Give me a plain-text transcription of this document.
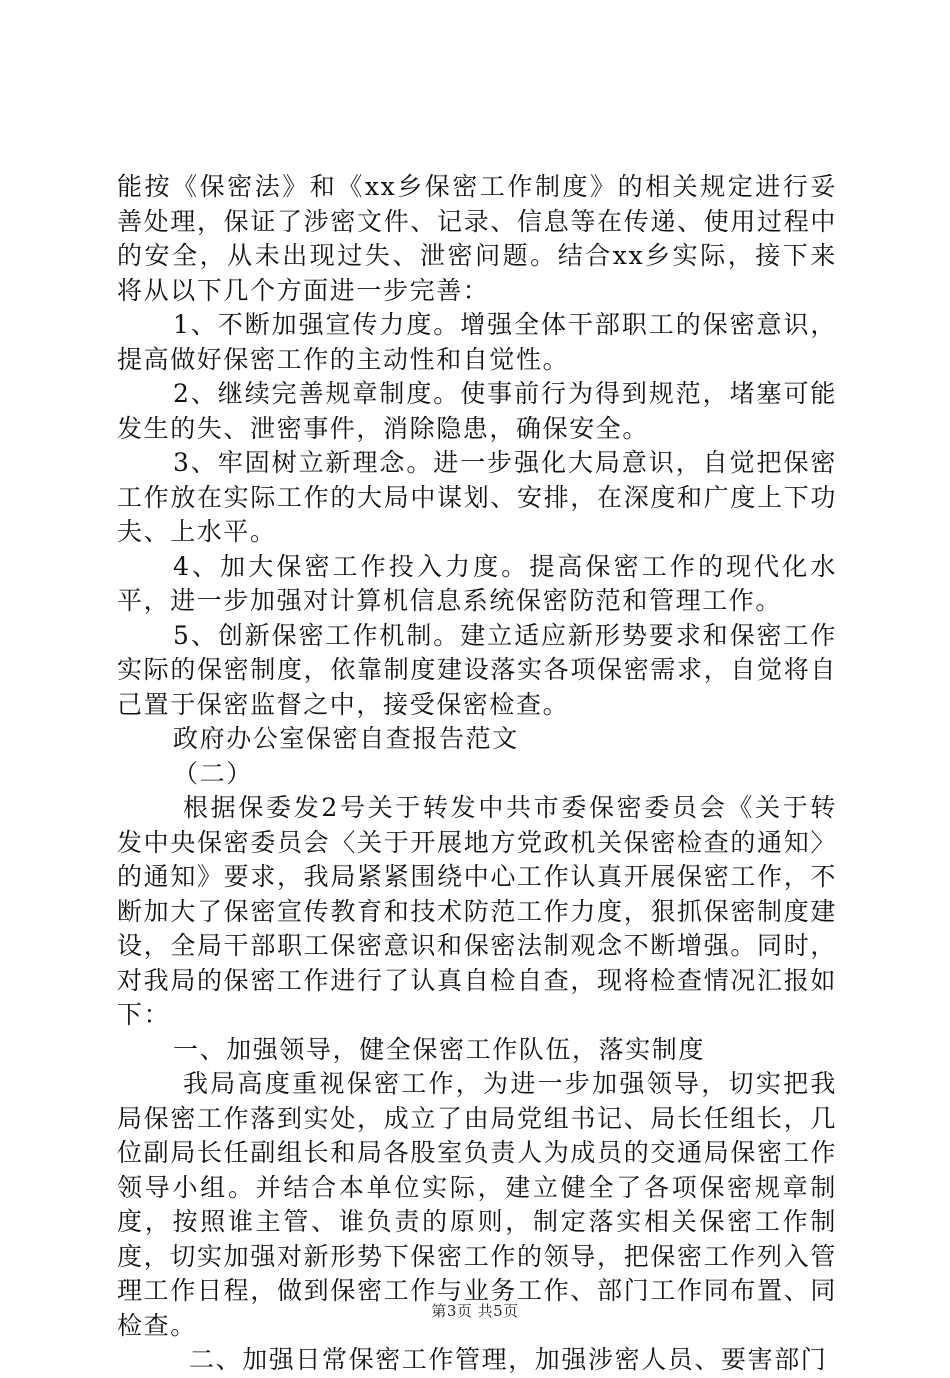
能按《保密法》和《xx乡保密工作制度》的相关规定进行妥善处理，保证了涉密文件、记录、信息等在传递、使用过程中的安全，从未出现过失、泄密问题。结合xx乡实际，接下来将从以下几个方面进一步完善：

1、不断加强宣传力度。增强全体干部职工的保密意识，提高做好保密工作的主动性和自觉性。

2、继续完善规章制度。使事前行为得到规范，堵塞可能发生的失、泄密事件，消除隐患，确保安全。

3、牢固树立新理念。进一步强化大局意识，自觉把保密工作放在实际工作的大局中谋划、安排，在深度和广度上下功夫、上水平。

4、加大保密工作投入力度。提高保密工作的现代化水平，进一步加强对计算机信息系统保密防范和管理工作。

5、创新保密工作机制。建立适应新形势要求和保密工作实际的保密制度，依靠制度建设落实各项保密需求，自觉将自己置于保密监督之中，接受保密检查。

政府办公室保密自查报告范文

（二）

根据保委发2号关于转发中共市委保密委员会《关于转发中央保密委员会〈关于开展地方党政机关保密检查的通知〉的通知》要求，我局紧紧围绕中心工作认真开展保密工作，不断加大了保密宣传教育和技术防范工作力度，狠抓保密制度建设，全局干部职工保密意识和保密法制观念不断增强。同时，对我局的保密工作进行了认真自检自查，现将检查情况汇报如下：

一、加强领导，健全保密工作队伍，落实制度

我局高度重视保密工作，为进一步加强领导，切实把我局保密工作落到实处，成立了由局党组书记、局长任组长，几位副局长任副组长和局各股室负责人为成员的交通局保密工作领导小组。并结合本单位实际，建立健全了各项保密规章制度，按照谁主管、谁负责的原则，制定落实相关保密工作制度，切实加强对新形势下保密工作的领导，把保密工作列入管理工作日程，做到保密工作与业务工作、部门工作同布置、同检查。

二、加强日常保密工作管理，加强涉密人员、要害部门

第3页 共5页
